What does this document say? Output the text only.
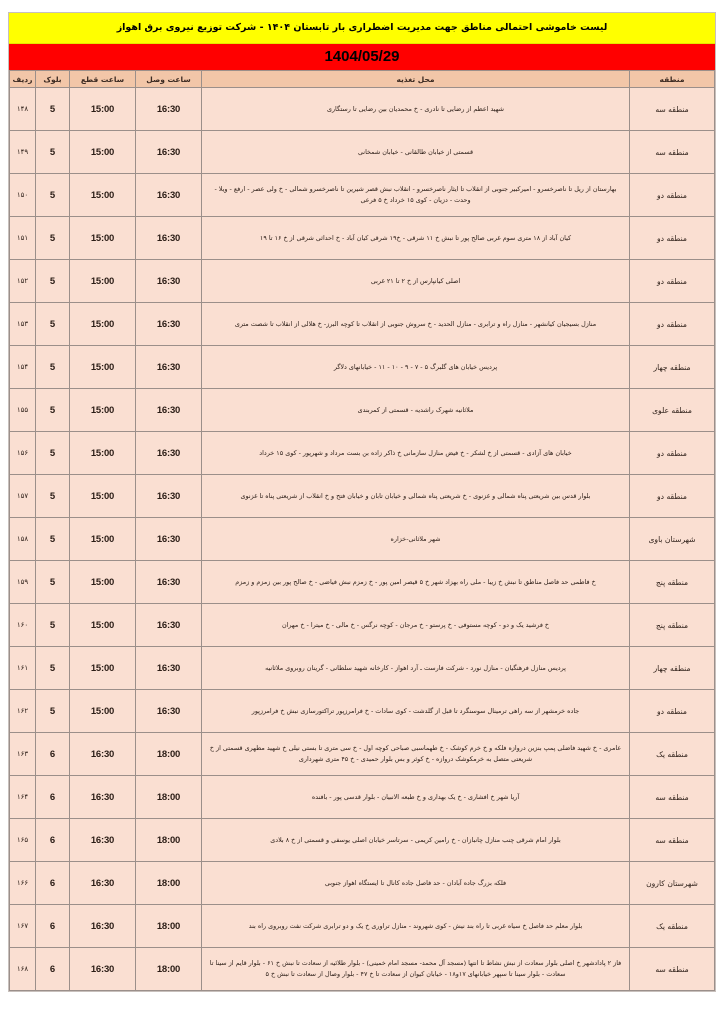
لیست خاموشی احتمالی مناطق جهت مدیریت اضطراری بار تابستان ۱۴۰۴ - شرکت توزیع نیروی برق اهواز
1404/05/29
منطقه	محل تغذیه	ساعت وصل	ساعت قطع	بلوک	ردیف
منطقه سه	شهید اعظم از رضایی تا نادری - خ محمدیان بین رضایی تا رستگاری	16:30	15:00	5	۱۴۸
منطقه سه	قسمتی از خیابان طالقانی - خیابان شمخانی	16:30	15:00	5	۱۴۹
منطقه دو	بهارستان از ریل تا ناصرخسرو - امیرکبیر جنوبی از انقلاب تا ایثار ناصرخسرو - انقلاب نبش قصر شیرین تا ناصرخسرو شمالی - خ ولی عصر - ارفع - ویلا - وحدت - دزیان - کوی ۱۵ خرداد خ ۵ فرعی	16:30	15:00	5	۱۵۰
منطقه دو	کیان آباد از ۱۸ متری سوم غربی صالح پور تا نبش خ ۱۱ شرقی - خ۱۹ شرقی کیان آباد - خ احداثی شرقی از خ ۱۶ تا ۱۹	16:30	15:00	5	۱۵۱
منطقه دو	اصلی کیانپارس از خ ۲ تا ۲۱ غربی	16:30	15:00	5	۱۵۲
منطقه دو	منازل بسیجیان کیانشهر - منازل راه و ترابری - منازل الحدید - خ سروش جنوبی از انقلاب تا کوچه البرز- خ هلالی از انقلاب تا شصت متری	16:30	15:00	5	۱۵۳
منطقه چهار	پردیس خیابان های گلبرگ ۵ - ۷ - ۹ - ۱۰ - ۱۱ - خیابانهای دلاگر	16:30	15:00	5	۱۵۴
منطقه علوی	ملاثانیه شهرک راشدیه - قسمتی از کمربندی	16:30	15:00	5	۱۵۵
منطقه دو	خیابان های آزادی - قسمتی از خ لشکر - خ فیض منازل سازمانی خ ذاکر زاده بن بست مرداد و شهرپور - کوی ۱۵ خرداد	16:30	15:00	5	۱۵۶
منطقه دو	بلوار قدس بین شریعتی پناه شمالی و غزنوی - خ شریعتی پناه شمالی و خیابان تابان و خیابان فتح و خ انقلاب از شریعتی پناه تا غزنوی	16:30	15:00	5	۱۵۷
شهرستان باوی	شهر ملاثانی-خزاره	16:30	15:00	5	۱۵۸
منطقه پنج	خ فاطمی حد فاصل مناطق تا نبش خ زیبا - ملی راه بهزاد شهر خ ۵ قیصر امین پور - خ زمزم نبش فیاضی - خ صالح پور بین زمزم و زمزم	16:30	15:00	5	۱۵۹
منطقه پنج	خ فرشید یک و دو - کوچه مستوفی - خ پرستو - خ مرجان - کوچه نرگس - خ مالی - خ میترا - خ مهران	16:30	15:00	5	۱۶۰
منطقه چهار	پردیس منازل فرهنگیان - منازل نورد - شرکت فارست ـ آرد اهواز - کارخانه شهید سلطانی - گرینان روبروی ملاثانیه	16:30	15:00	5	۱۶۱
منطقه دو	جاده خرمشهر از سه راهی ترمینال سوسنگرد تا قبل از گلدشت - کوی سادات - خ فرامرزپور تراکتورسازی نبش خ فرامرزپور	16:30	15:00	5	۱۶۲
منطقه یک	عامری - خ شهید فاضلی پمپ بنزین دروازه فلکه و خ خرم کوشک - خ طهماسبی صباحی کوچه اول - خ سی متری تا بستی نیلی خ شهید مطهری قسمتی از خ شریعتی متصل به خرمکوشک دروازه - خ کوثر و بس بلوار حمیدی - خ ۴۵ متری شهرداری	18:00	16:30	6	۱۶۳
منطقه سه	آریا شهر خ افشاری - خ یک بهداری و خ طبعه الانبیان - بلوار قدسی پور - بافنده	18:00	16:30	6	۱۶۴
منطقه سه	بلوار امام شرقی چنب منازل چانبازان - خ رامین کریمی - سرتاسر خیابان اصلی یوسفی و قسمتی از خ ۸ بلادی	18:00	16:30	6	۱۶۵
شهرستان کارون	فلکه بزرگ جاده آبادان - حد فاصل جاده کانال تا ایستگاه اهواز جنوبی	18:00	16:30	6	۱۶۶
منطقه یک	بلوار معلم حد فاصل خ سیاه غربی تا راه بند نیش - کوی شهروند - منازل تراوری خ یک و دو ترابری شرکت نفت روبروی راه بند	18:00	16:30	6	۱۶۷
منطقه سه	فاز ۲ پادادشهر خ اصلی بلوار سعادت از نبش نشاط تا انتها (مسجد آل محمد- مسجد امام خمینی) - بلوار طلائیه از سعادت تا نبش خ ۶۱ - بلوار قایم از سینا تا سعادت - بلوار سینا تا سپهر خیابانهای ۱۷و۱۸ - خیابان کیوان از سعادت تا خ ۴۷ - بلوار وصال از سعادت تا نبش خ ۵	18:00	16:30	6	۱۶۸
